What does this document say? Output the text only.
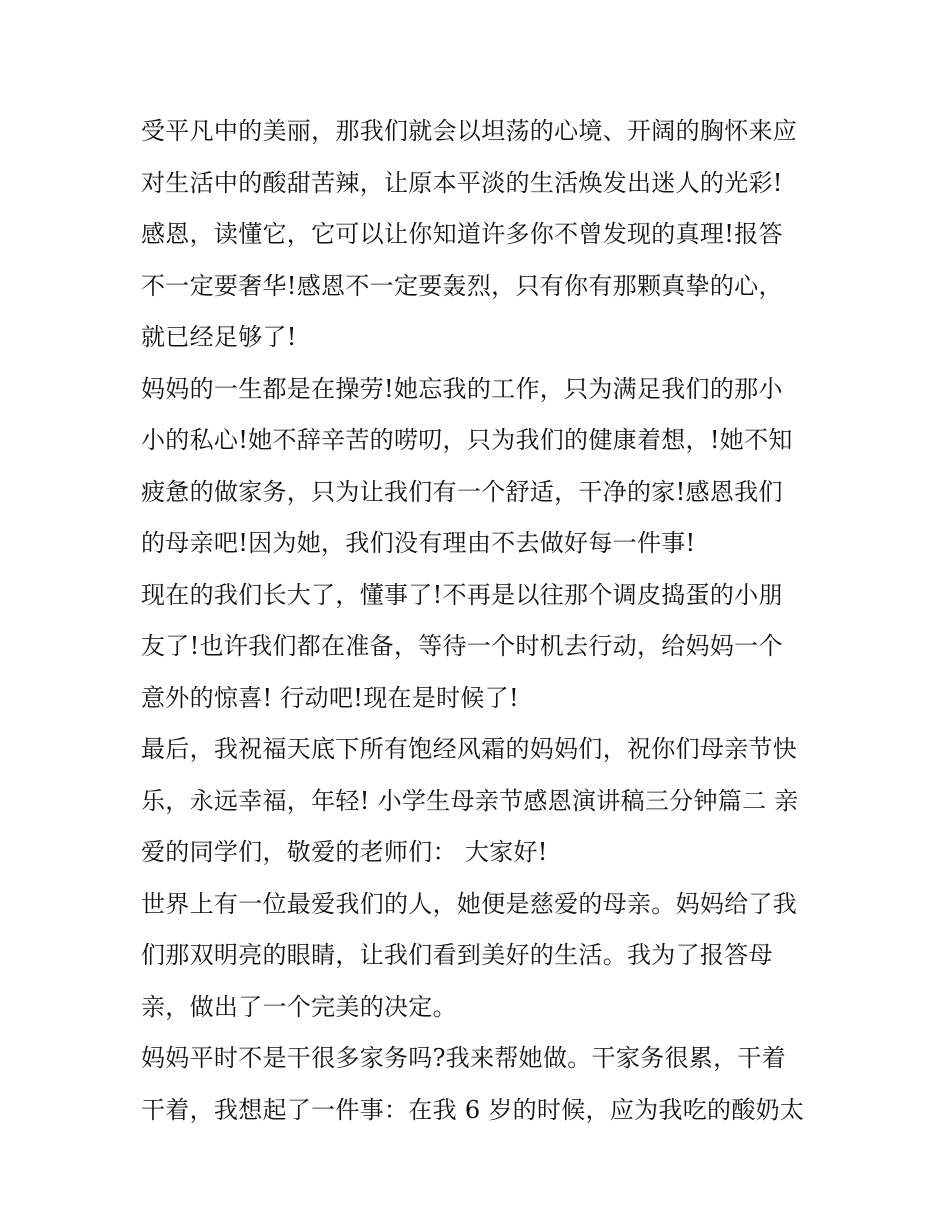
受平凡中的美丽，那我们就会以坦荡的心境、开阔的胸怀来应
对生活中的酸甜苦辣，让原本平淡的生活焕发出迷人的光彩!
感恩，读懂它，它可以让你知道许多你不曾发现的真理!报答
不一定要奢华!感恩不一定要轰烈，只有你有那颗真挚的心，
就已经足够了!
妈妈的一生都是在操劳!她忘我的工作，只为满足我们的那小
小的私心!她不辞辛苦的唠叨，只为我们的健康着想，!她不知
疲惫的做家务，只为让我们有一个舒适，干净的家!感恩我们
的母亲吧!因为她，我们没有理由不去做好每一件事!
现在的我们长大了，懂事了!不再是以往那个调皮捣蛋的小朋
友了!也许我们都在准备，等待一个时机去行动，给妈妈一个
意外的惊喜! 行动吧!现在是时候了!
最后，我祝福天底下所有饱经风霜的妈妈们，祝你们母亲节快
乐，永远幸福，年轻! 小学生母亲节感恩演讲稿三分钟篇二 亲
爱的同学们，敬爱的老师们： 大家好!
世界上有一位最爱我们的人，她便是慈爱的母亲。妈妈给了我
们那双明亮的眼睛，让我们看到美好的生活。我为了报答母
亲，做出了一个完美的决定。
妈妈平时不是干很多家务吗?我来帮她做。干家务很累，干着
干着，我想起了一件事：在我 6 岁的时候，应为我吃的酸奶太
